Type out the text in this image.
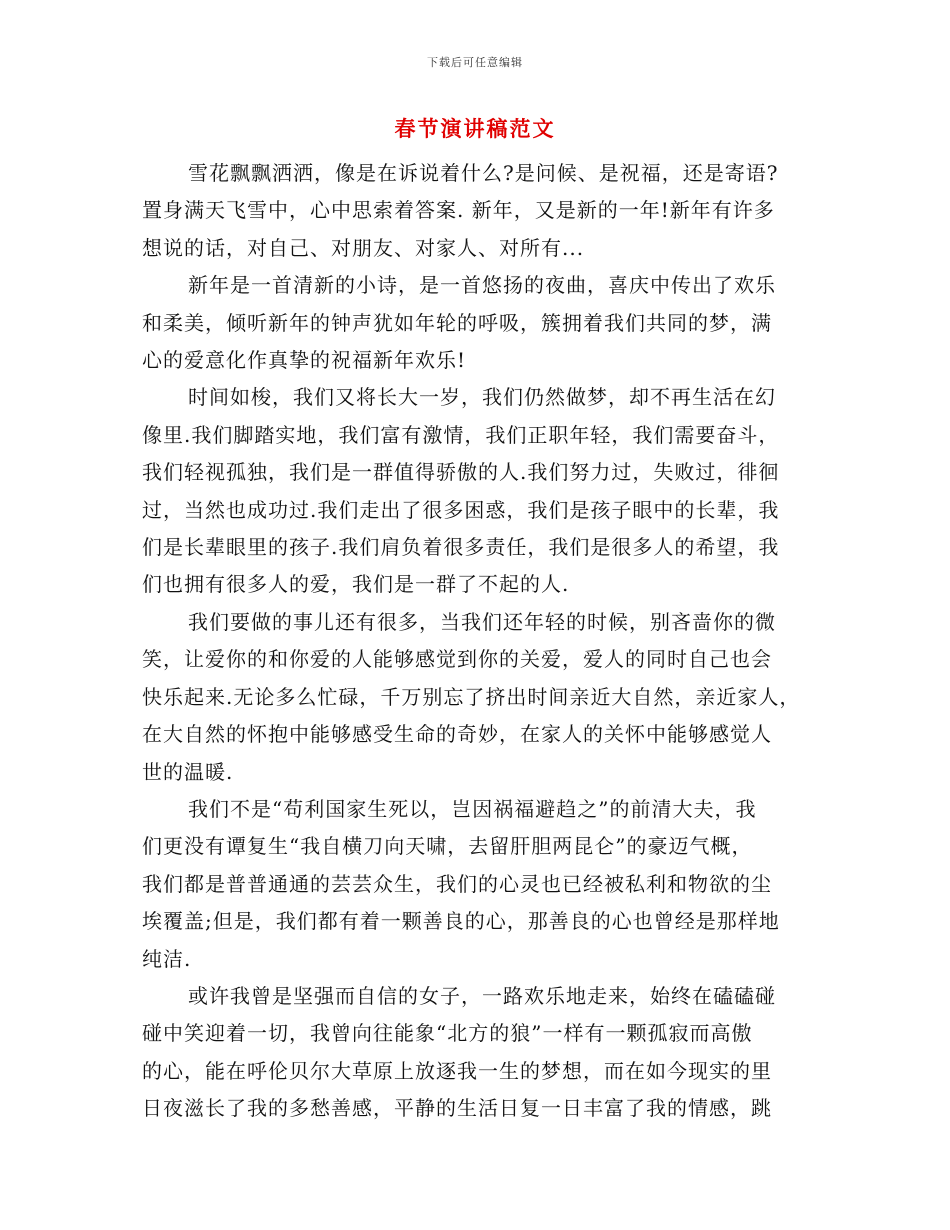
下载后可任意编辑
春节演讲稿范文
雪花飘飘洒洒，像是在诉说着什么?是问候、是祝福，还是寄语?
置身满天飞雪中，心中思索着答案. 新年，又是新的一年!新年有许多
想说的话，对自己、对朋友、对家人、对所有...
新年是一首清新的小诗，是一首悠扬的夜曲，喜庆中传出了欢乐
和柔美，倾听新年的钟声犹如年轮的呼吸，簇拥着我们共同的梦，满
心的爱意化作真挚的祝福新年欢乐!
时间如梭，我们又将长大一岁，我们仍然做梦，却不再生活在幻
像里.我们脚踏实地，我们富有激情，我们正职年轻，我们需要奋斗，
我们轻视孤独，我们是一群值得骄傲的人.我们努力过，失败过，徘徊
过，当然也成功过.我们走出了很多困惑，我们是孩子眼中的长辈，我
们是长辈眼里的孩子.我们肩负着很多责任，我们是很多人的希望，我
们也拥有很多人的爱，我们是一群了不起的人.
我们要做的事儿还有很多，当我们还年轻的时候，别吝啬你的微
笑，让爱你的和你爱的人能够感觉到你的关爱，爱人的同时自己也会
快乐起来.无论多么忙碌，千万别忘了挤出时间亲近大自然，亲近家人，
在大自然的怀抱中能够感受生命的奇妙，在家人的关怀中能够感觉人
世的温暖.
我们不是“苟利国家生死以，岂因祸福避趋之”的前清大夫，我
们更没有谭复生“我自横刀向天啸，去留肝胆两昆仑”的豪迈气概，
我们都是普普通通的芸芸众生，我们的心灵也已经被私利和物欲的尘
埃覆盖;但是，我们都有着一颗善良的心，那善良的心也曾经是那样地
纯洁.
或许我曾是坚强而自信的女子，一路欢乐地走来，始终在磕磕碰
碰中笑迎着一切，我曾向往能象“北方的狼”一样有一颗孤寂而高傲
的心，能在呼伦贝尔大草原上放逐我一生的梦想，而在如今现实的里
日夜滋长了我的多愁善感，平静的生活日复一日丰富了我的情感，跳
